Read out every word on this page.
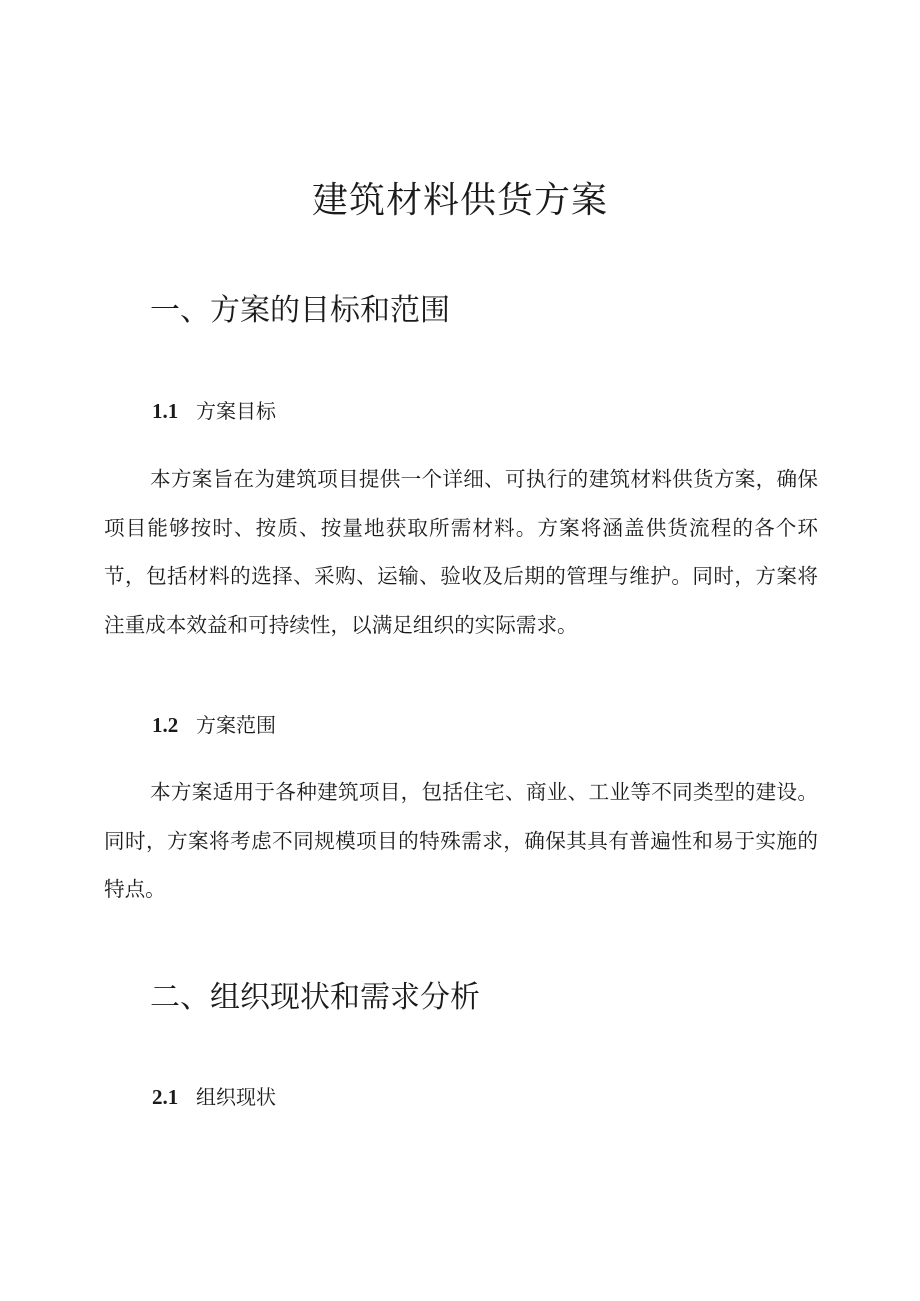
建筑材料供货方案
一、方案的目标和范围
1.1 方案目标

本方案旨在为建筑项目提供一个详细、可执行的建筑材料供货方案，确保项目能够按时、按质、按量地获取所需材料。方案将涵盖供货流程的各个环节，包括材料的选择、采购、运输、验收及后期的管理与维护。同时，方案将注重成本效益和可持续性，以满足组织的实际需求。

1.2 方案范围

本方案适用于各种建筑项目，包括住宅、商业、工业等不同类型的建设。同时，方案将考虑不同规模项目的特殊需求，确保其具有普遍性和易于实施的特点。

二、组织现状和需求分析
2.1 组织现状
